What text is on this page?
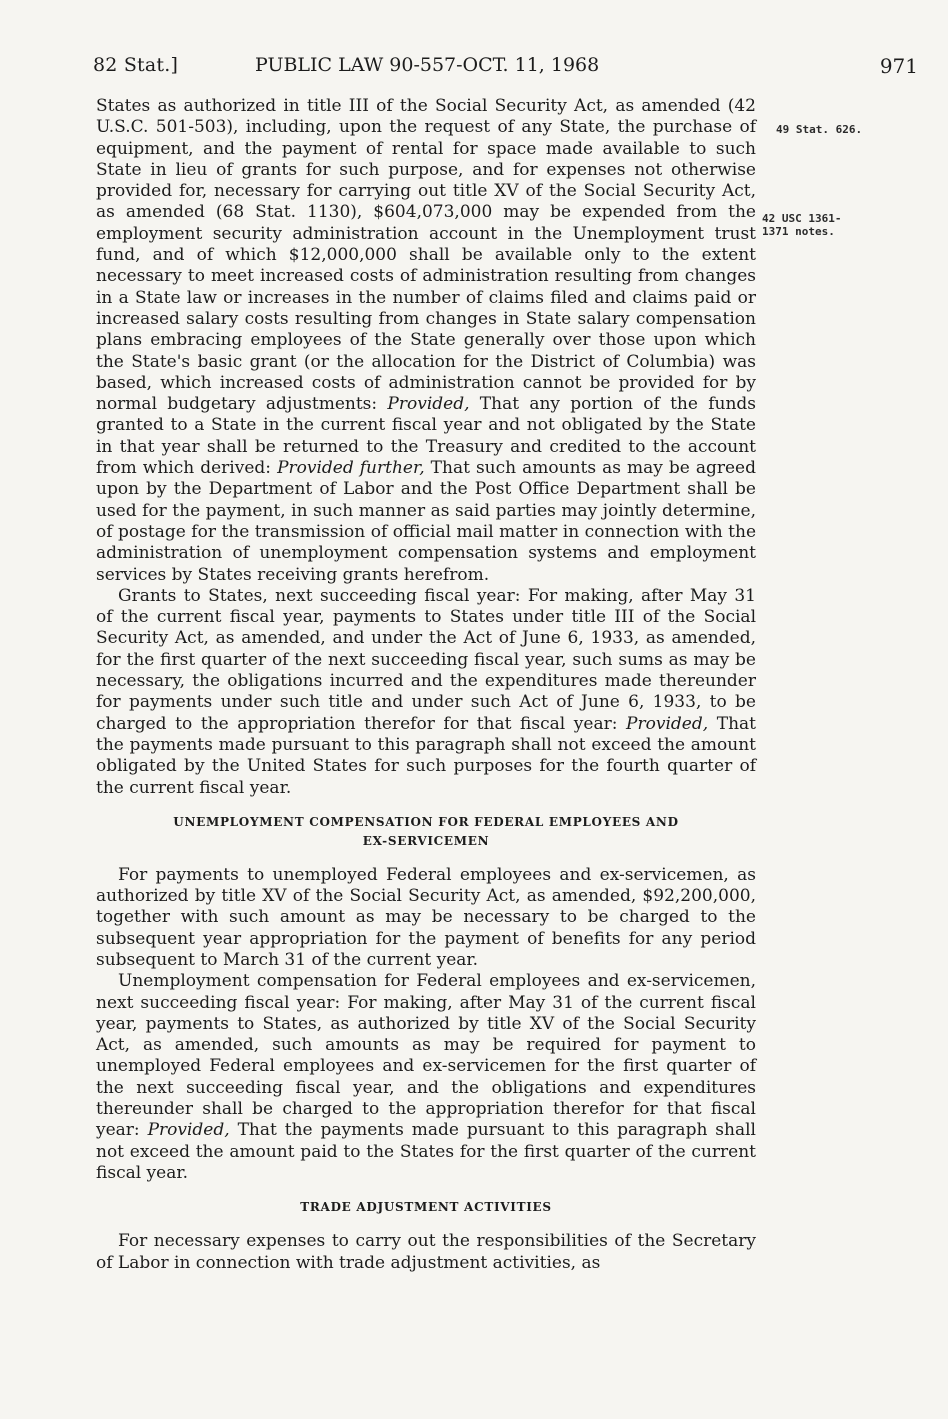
82 Stat.]	PUBLIC LAW 90-557-OCT. 11, 1968	971
49 Stat. 626.
42 USC 1361-
1371 notes.

States as authorized in title III of the Social Security Act, as amended (42 U.S.C. 501-503), including, upon the request of any State, the purchase of equipment, and the payment of rental for space made available to such State in lieu of grants for such purpose, and for expenses not otherwise provided for, necessary for carrying out title XV of the Social Security Act, as amended (68 Stat. 1130), $604,073,000 may be expended from the employment security administration account in the Unemployment trust fund, and of which $12,000,000 shall be available only to the extent necessary to meet increased costs of administration resulting from changes in a State law or increases in the number of claims filed and claims paid or increased salary costs resulting from changes in State salary compensation plans embracing employees of the State generally over those upon which the State's basic grant (or the allocation for the District of Columbia) was based, which increased costs of administration cannot be provided for by normal budgetary adjustments: Provided, That any portion of the funds granted to a State in the current fiscal year and not obligated by the State in that year shall be returned to the Treasury and credited to the account from which derived: Provided further, That such amounts as may be agreed upon by the Department of Labor and the Post Office Department shall be used for the payment, in such manner as said parties may jointly determine, of postage for the transmission of official mail matter in connection with the administration of unemployment compensation systems and employment services by States receiving grants herefrom.

Grants to States, next succeeding fiscal year: For making, after May 31 of the current fiscal year, payments to States under title III of the Social Security Act, as amended, and under the Act of June 6, 1933, as amended, for the first quarter of the next succeeding fiscal year, such sums as may be necessary, the obligations incurred and the expenditures made thereunder for payments under such title and under such Act of June 6, 1933, to be charged to the appropriation therefor for that fiscal year: Provided, That the payments made pursuant to this paragraph shall not exceed the amount obligated by the United States for such purposes for the fourth quarter of the current fiscal year.

UNEMPLOYMENT COMPENSATION FOR FEDERAL EMPLOYEES AND
EX-SERVICEMEN

For payments to unemployed Federal employees and ex-servicemen, as authorized by title XV of the Social Security Act, as amended, $92,200,000, together with such amount as may be necessary to be charged to the subsequent year appropriation for the payment of benefits for any period subsequent to March 31 of the current year.

Unemployment compensation for Federal employees and ex-servicemen, next succeeding fiscal year: For making, after May 31 of the current fiscal year, payments to States, as authorized by title XV of the Social Security Act, as amended, such amounts as may be required for payment to unemployed Federal employees and ex-servicemen for the first quarter of the next succeeding fiscal year, and the obligations and expenditures thereunder shall be charged to the appropriation therefor for that fiscal year: Provided, That the payments made pursuant to this paragraph shall not exceed the amount paid to the States for the first quarter of the current fiscal year.

TRADE ADJUSTMENT ACTIVITIES

For necessary expenses to carry out the responsibilities of the Secretary of Labor in connection with trade adjustment activities, as
